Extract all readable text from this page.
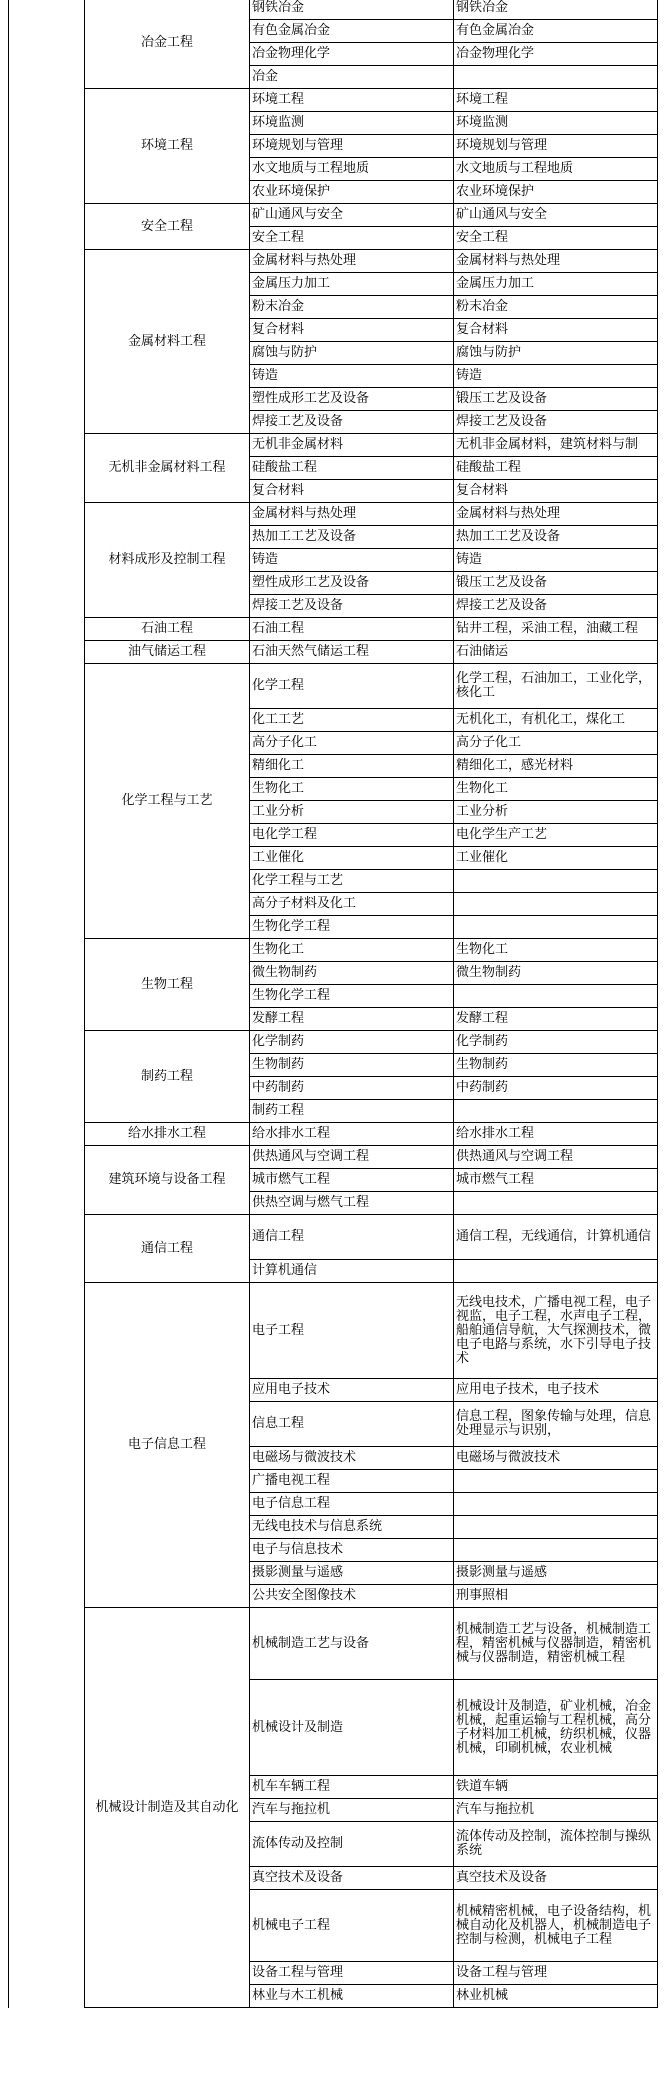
	冶金工程	钢铁冶金	钢铁冶金
		有色金属冶金	有色金属冶金
		冶金物理化学	冶金物理化学
		冶金	
	环境工程	环境工程	环境工程
		环境监测	环境监测
		环境规划与管理	环境规划与管理
		水文地质与工程地质	水文地质与工程地质
		农业环境保护	农业环境保护
	安全工程	矿山通风与安全	矿山通风与安全
		安全工程	安全工程
	金属材料工程	金属材料与热处理	金属材料与热处理
		金属压力加工	金属压力加工
		粉末冶金	粉末冶金
		复合材料	复合材料
		腐蚀与防护	腐蚀与防护
		铸造	铸造
		塑性成形工艺及设备	锻压工艺及设备
		焊接工艺及设备	焊接工艺及设备
	无机非金属材料工程	无机非金属材料	无机非金属材料，建筑材料与制
		硅酸盐工程	硅酸盐工程
		复合材料	复合材料
	材料成形及控制工程	金属材料与热处理	金属材料与热处理
		热加工工艺及设备	热加工工艺及设备
		铸造	铸造
		塑性成形工艺及设备	锻压工艺及设备
		焊接工艺及设备	焊接工艺及设备
	石油工程	石油工程	钻井工程，采油工程，油藏工程
	油气储运工程	石油天然气储运工程	石油储运
	化学工程与工艺	化学工程	化学工程，石油加工，工业化学，核化工
		化工工艺	无机化工，有机化工，煤化工
		高分子化工	高分子化工
		精细化工	精细化工，感光材料
		生物化工	生物化工
		工业分析	工业分析
		电化学工程	电化学生产工艺
		工业催化	工业催化
		化学工程与工艺	
		高分子材料及化工	
		生物化学工程	
	生物工程	生物化工	生物化工
		微生物制药	微生物制药
		生物化学工程	
		发酵工程	发酵工程
	制药工程	化学制药	化学制药
		生物制药	生物制药
		中药制药	中药制药
		制药工程	
	给水排水工程	给水排水工程	给水排水工程
	建筑环境与设备工程	供热通风与空调工程	供热通风与空调工程
		城市燃气工程	城市燃气工程
		供热空调与燃气工程	
	通信工程	通信工程	通信工程，无线通信，计算机通信
		计算机通信	
	电子信息工程	电子工程	无线电技术，广播电视工程，电子视监，电子工程，水声电子工程，船舶通信导航，大气探测技术，微电子电路与系统，水下引导电子技术
		应用电子技术	应用电子技术，电子技术
		信息工程	信息工程，图象传输与处理，信息处理显示与识别，
		电磁场与微波技术	电磁场与微波技术
		广播电视工程	
		电子信息工程	
		无线电技术与信息系统	
		电子与信息技术	
		摄影测量与遥感	摄影测量与遥感
		公共安全图像技术	刑事照相
	机械设计制造及其自动化	机械制造工艺与设备	机械制造工艺与设备，机械制造工程，精密机械与仪器制造，精密机械与仪器制造，精密机械工程
		机械设计及制造	机械设计及制造，矿业机械，冶金机械，起重运输与工程机械，高分子材料加工机械，纺织机械，仪器机械，印刷机械，农业机械
		机车车辆工程	铁道车辆
		汽车与拖拉机	汽车与拖拉机
		流体传动及控制	流体传动及控制，流体控制与操纵系统
		真空技术及设备	真空技术及设备
		机械电子工程	机械精密机械，电子设备结构，机械自动化及机器人，机械制造电子控制与检测，机械电子工程
		设备工程与管理	设备工程与管理
		林业与木工机械	林业机械
